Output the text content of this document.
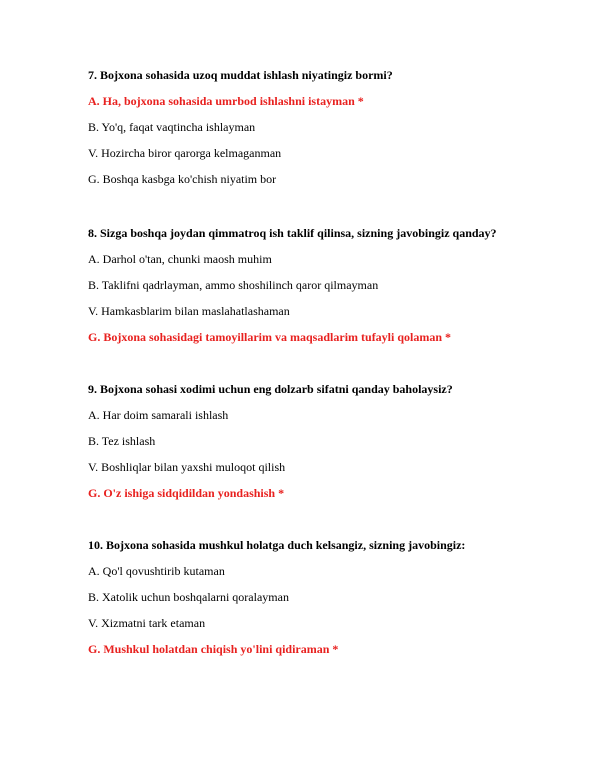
7. Bojxona sohasida uzoq muddat ishlash niyatingiz bormi?
A. Ha, bojxona sohasida umrbod ishlashni istayman *
B. Yo'q, faqat vaqtincha ishlayman
V. Hozircha biror qarorga kelmaganman
G. Boshqa kasbga ko'chish niyatim bor
8. Sizga boshqa joydan qimmatroq ish taklif qilinsa, sizning javobingiz qanday?
A. Darhol o'tan, chunki maosh muhim
B. Taklifni qadrlayman, ammo shoshilinch qaror qilmayman
V. Hamkasblarim bilan maslahatlashaman
G. Bojxona sohasidagi tamoyillarim va maqsadlarim tufayli qolaman *
9. Bojxona sohasi xodimi uchun eng dolzarb sifatni qanday baholaysiz?
A. Har doim samarali ishlash
B. Tez ishlash
V. Boshliqlar bilan yaxshi muloqot qilish
G. O'z ishiga sidqidildan yondashish *
10. Bojxona sohasida mushkul holatga duch kelsangiz, sizning javobingiz:
A. Qo'l qovushtirib kutaman
B. Xatolik uchun boshqalarni qoralayman
V. Xizmatni tark etaman
G. Mushkul holatdan chiqish yo'lini qidiraman *
